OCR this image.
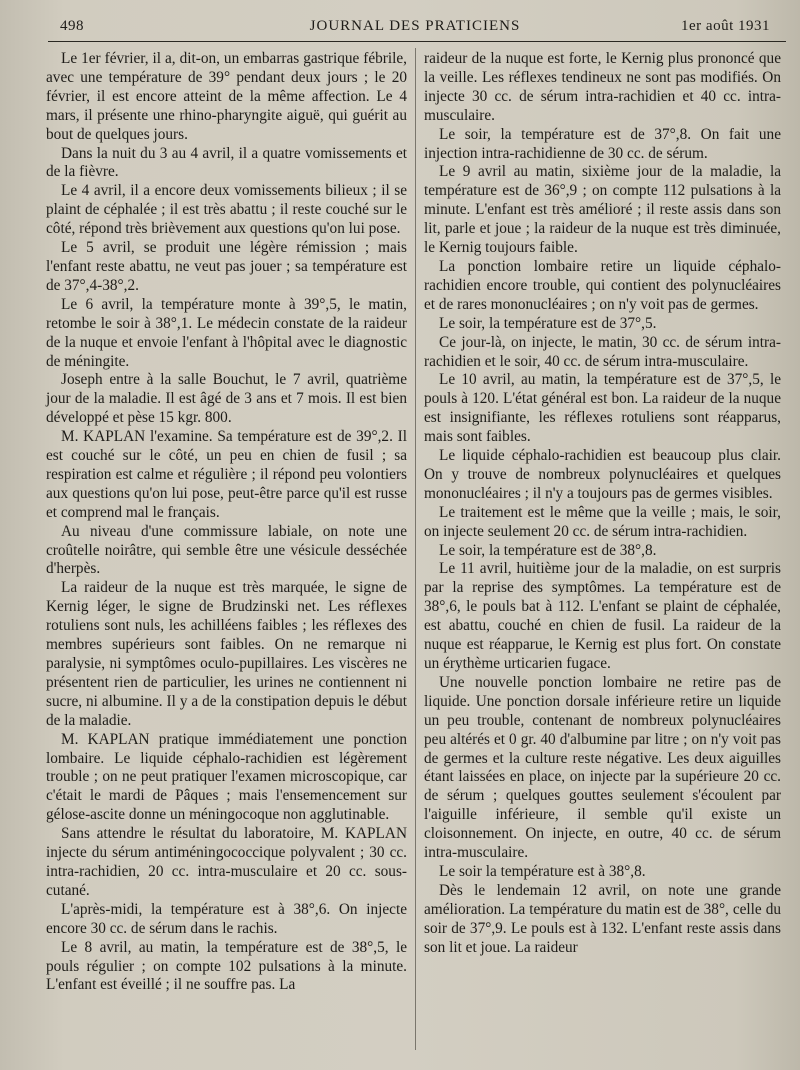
498	JOURNAL DES PRATICIENS	1er août 1931

Le 1er février, il a, dit-on, un embarras gastrique fébrile, avec une température de 39° pendant deux jours ; le 20 février, il est encore atteint de la même affection. Le 4 mars, il présente une rhino-pharyngite aiguë, qui guérit au bout de quelques jours.

Dans la nuit du 3 au 4 avril, il a quatre vomissements et de la fièvre.

Le 4 avril, il a encore deux vomissements bilieux ; il se plaint de céphalée ; il est très abattu ; il reste couché sur le côté, répond très brièvement aux questions qu'on lui pose.

Le 5 avril, se produit une légère rémission ; mais l'enfant reste abattu, ne veut pas jouer ; sa température est de 37°,4-38°,2.

Le 6 avril, la température monte à 39°,5, le matin, retombe le soir à 38°,1. Le médecin constate de la raideur de la nuque et envoie l'enfant à l'hôpital avec le diagnostic de méningite.

Joseph entre à la salle Bouchut, le 7 avril, quatrième jour de la maladie. Il est âgé de 3 ans et 7 mois. Il est bien développé et pèse 15 kgr. 800.

M. KAPLAN l'examine. Sa température est de 39°,2. Il est couché sur le côté, un peu en chien de fusil ; sa respiration est calme et régulière ; il répond peu volontiers aux questions qu'on lui pose, peut-être parce qu'il est russe et comprend mal le français.

Au niveau d'une commissure labiale, on note une croûtelle noirâtre, qui semble être une vésicule desséchée d'herpès.

La raideur de la nuque est très marquée, le signe de Kernig léger, le signe de Brudzinski net. Les réflexes rotuliens sont nuls, les achilléens faibles ; les réflexes des membres supérieurs sont faibles. On ne remarque ni paralysie, ni symptômes oculo-pupillaires. Les viscères ne présentent rien de particulier, les urines ne contiennent ni sucre, ni albumine. Il y a de la constipation depuis le début de la maladie.

M. KAPLAN pratique immédiatement une ponction lombaire. Le liquide céphalo-rachidien est légèrement trouble ; on ne peut pratiquer l'examen microscopique, car c'était le mardi de Pâques ; mais l'ensemencement sur gélose-ascite donne un méningocoque non agglutinable.

Sans attendre le résultat du laboratoire, M. KAPLAN injecte du sérum antiméningococcique polyvalent ; 30 cc. intra-rachidien, 20 cc. intra-musculaire et 20 cc. sous-cutané.

L'après-midi, la température est à 38°,6. On injecte encore 30 cc. de sérum dans le rachis.

Le 8 avril, au matin, la température est de 38°,5, le pouls régulier ; on compte 102 pulsations à la minute. L'enfant est éveillé ; il ne souffre pas. La

raideur de la nuque est forte, le Kernig plus prononcé que la veille. Les réflexes tendineux ne sont pas modifiés. On injecte 30 cc. de sérum intra-rachidien et 40 cc. intra-musculaire.

Le soir, la température est de 37°,8. On fait une injection intra-rachidienne de 30 cc. de sérum.

Le 9 avril au matin, sixième jour de la maladie, la température est de 36°,9 ; on compte 112 pulsations à la minute. L'enfant est très amélioré ; il reste assis dans son lit, parle et joue ; la raideur de la nuque est très diminuée, le Kernig toujours faible.

La ponction lombaire retire un liquide céphalo-rachidien encore trouble, qui contient des polynucléaires et de rares mononucléaires ; on n'y voit pas de germes.

Le soir, la température est de 37°,5.

Ce jour-là, on injecte, le matin, 30 cc. de sérum intra-rachidien et le soir, 40 cc. de sérum intra-musculaire.

Le 10 avril, au matin, la température est de 37°,5, le pouls à 120. L'état général est bon. La raideur de la nuque est insignifiante, les réflexes rotuliens sont réapparus, mais sont faibles.

Le liquide céphalo-rachidien est beaucoup plus clair. On y trouve de nombreux polynucléaires et quelques mononucléaires ; il n'y a toujours pas de germes visibles.

Le traitement est le même que la veille ; mais, le soir, on injecte seulement 20 cc. de sérum intra-rachidien.

Le soir, la température est de 38°,8.

Le 11 avril, huitième jour de la maladie, on est surpris par la reprise des symptômes. La température est de 38°,6, le pouls bat à 112. L'enfant se plaint de céphalée, est abattu, couché en chien de fusil. La raideur de la nuque est réapparue, le Kernig est plus fort. On constate un érythème urticarien fugace.

Une nouvelle ponction lombaire ne retire pas de liquide. Une ponction dorsale inférieure retire un liquide un peu trouble, contenant de nombreux polynucléaires peu altérés et 0 gr. 40 d'albumine par litre ; on n'y voit pas de germes et la culture reste négative. Les deux aiguilles étant laissées en place, on injecte par la supérieure 20 cc. de sérum ; quelques gouttes seulement s'écoulent par l'aiguille inférieure, il semble qu'il existe un cloisonnement. On injecte, en outre, 40 cc. de sérum intra-musculaire.

Le soir la température est à 38°,8.

Dès le lendemain 12 avril, on note une grande amélioration. La température du matin est de 38°, celle du soir de 37°,9. Le pouls est à 132. L'enfant reste assis dans son lit et joue. La raideur
